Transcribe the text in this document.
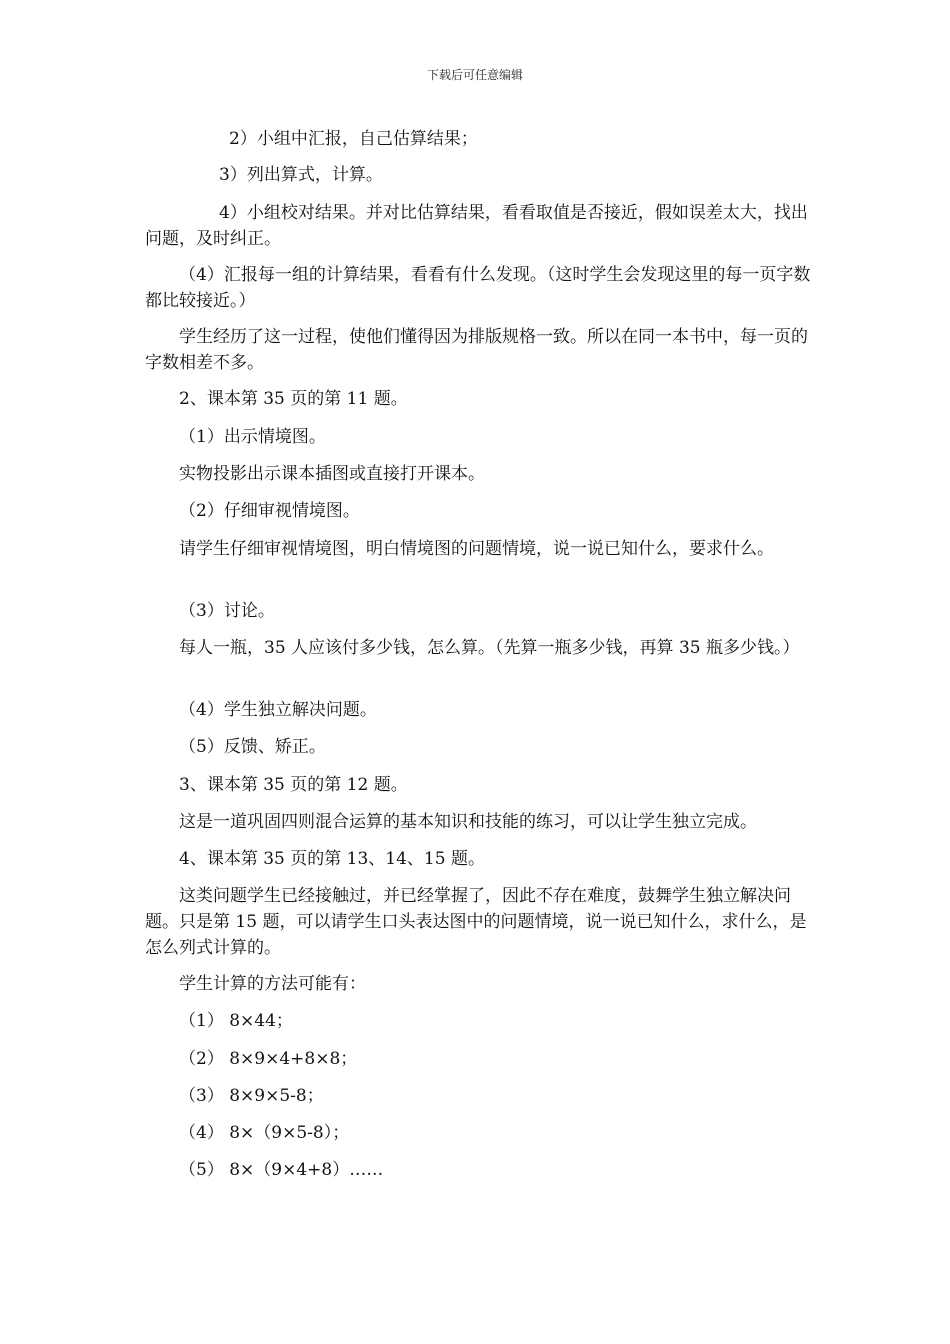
下载后可任意编辑

2）小组中汇报，自己估算结果；

3）列出算式，计算。

4）小组校对结果。并对比估算结果，看看取值是否接近，假如误差太大，找出问题，及时纠正。

（4）汇报每一组的计算结果，看看有什么发现。（这时学生会发现这里的每一页字数都比较接近。）

学生经历了这一过程，使他们懂得因为排版规格一致。所以在同一本书中，每一页的字数相差不多。

2、课本第 35 页的第 11 题。

（1）出示情境图。

实物投影出示课本插图或直接打开课本。

（2）仔细审视情境图。

请学生仔细审视情境图，明白情境图的问题情境，说一说已知什么，要求什么。

（3）讨论。

每人一瓶，35 人应该付多少钱，怎么算。（先算一瓶多少钱，再算 35 瓶多少钱。）

（4）学生独立解决问题。

（5）反馈、矫正。

3、课本第 35 页的第 12 题。

这是一道巩固四则混合运算的基本知识和技能的练习，可以让学生独立完成。

4、课本第 35 页的第 13、14、15 题。

这类问题学生已经接触过，并已经掌握了，因此不存在难度，鼓舞学生独立解决问题。只是第 15 题，可以请学生口头表达图中的问题情境，说一说已知什么，求什么，是怎么列式计算的。

学生计算的方法可能有：

（1） 8×44；

（2） 8×9×4+8×8；

（3） 8×9×5-8；

（4） 8×（9×5-8）；

（5） 8×（9×4+8）……
